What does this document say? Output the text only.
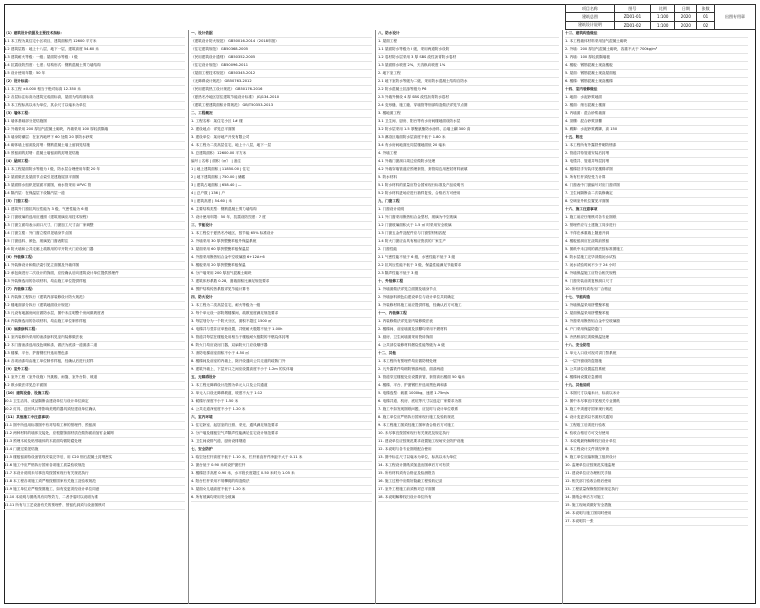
项目名称	图号	比例	日期	张数	出图专用章
建筑总图	ZD01-01	1:100	2020	01	
建筑设计说明	ZD01-02	1:100	2020	02	
（1）建筑设计依据及主要技术指标：
1.1 本工程为某住宅小区项目，建筑面积约 12600 平方米
1.2 建筑层数：地上十八层，地下一层，建筑高度 54.60 米
1.3 建筑耐火等级：一级；屋面防水等级：I 级
1.4 抗震设防烈度：七度；结构形式：钢筋混凝土剪力墙结构
1.5 设计使用年限：50 年
（2）设计标高：
2.1 本工程 ±0.000 相当于绝对标高 12.350 米
2.2 各层标注标高为建筑完成面标高，屋面为结构面标高
2.3 本工程标高以米为单位，其余尺寸以毫米为单位
（3）墙体工程：
3.1 墙体基础部分见结施图
3.2 外墙采用 200 厚加气混凝土砌块，内墙采用 100 厚轻质隔墙
3.3 墙身防潮层：在室内地坪下 60 处做 20 厚防水砂浆
3.4 砌体墙上留洞及封堵：钢筋混凝土墙上留洞见结施
3.5 预留洞的封堵：混凝土墙留洞的封堵见结施
（4）屋面工程：
4.1 本工程屋面防水等级为 I 级，防水层合理使用年限 20 年
4.2 屋面做法及屋面节点索引见建施屋顶平面图
4.3 屋面排水组织见屋面平面图，雨水管采用 UPVC 管
4.4 隔汽层：在保温层下设隔汽层一道
（5）门窗工程：
5.1 建筑外门窗抗风压性能为 3 级，气密性能为 6 级
5.2 门窗玻璃的选用应遵照《建筑玻璃应用技术规程》
5.3 门窗立面均表示洞口尺寸，门窗加工尺寸由厂家调整
5.4 门窗立樘：外门窗立樘详见墙身节点图
5.5 门窗选料、颜色、玻璃见门窗表附注
5.6 防火墙和公共走廊上疏散用的平开防火门应设闭门器
（6）外装修工程：
6.1 外装修设计和做法索引见立面图及外墙详图
6.2 承包商进行二次设计的饰面，应经确认后向建筑设计单位提供预埋件
6.3 外装修选用的各项材料，均由施工单位提供样板
（7）内装修工程：
7.1 内装修工程执行《建筑内部装修设计防火规范》
7.2 楼地面部分执行《建筑地面设计规范》
7.3 凡设有地漏房间应做防水层，图中未注明整个房间做坡度者
7.4 内装修选用的各项材料，均由施工单位制作样板
（8）油漆涂料工程：
8.1 室内装修所采用的油漆涂料见室内装修做法表
8.2 木门窗油漆选用浅色调和漆，做法为底漆一道面漆二道
8.3 楼梯、平台、护窗钢栏杆选用黑色漆
8.4 各项油漆均由施工单位制作样板，经确认后进行封样
（9）室外工程：
9.1 室外工程（室外设施）外挑檐、雨篷、室外台阶、坡道
9.2 散水做法详见总平面图
（10）建筑设备、设施工程：
10.1 卫生洁具、成品隔断由建设单位与设计单位商定
10.2 灯具、送回风口等影响美观的器具须经建设单位确认
（11）其他施工中注意事项：
11.1 图中所选用标准图中有对结构工种的预埋件、预留洞
11.2 两种材料的墙体交接处，应根据饰面材质在做饰面前加钉金属网
11.3 预埋木砖及贴邻墙体的木质面均做防腐处理
11.4 门窗过梁见结施
11.5 楼板留洞待设备管线安装完毕后，用 C20 细石混凝土封堵密实
11.6 施工中应严格执行国家各项施工质量验收规范
11.7 本设计说明未尽事宜均按国家现行有关规范执行
11.8 本工程各项施工须严格按照国家有关施工及验收规范
11.9 施工单位应严格按图施工，如有变更须经设计单位同意
11.10 本说明与图纸具有同等效力，二者矛盾时以说明为准
11.11 所有与工艺设备有关的预埋件、预留孔洞须与设备图核对
一、设计依据
《建筑设计防火规范》 GB50016-2014（2018年版）
《住宅建筑规范》 GB50368-2005
《民用建筑设计通则》 GB50352-2005
《住宅设计规范》 GB50096-2011
《屋面工程技术规范》 GB50345-2012
《无障碍设计规范》 GB50763-2012
《民用建筑热工设计规范》 GB50176-2016
《夏热冬冷地区居住建筑节能设计标准》 JGJ134-2010
《建筑工程建筑面积计算规范》 GB/T50353-2013
二、工程概况
1. 工程名称：某住宅小区 1# 楼
2. 建设地点：详见总平面图
3. 建设单位：某房地产开发有限公司
4. 本工程为二类高层住宅，地上十八层，地下一层
5. 总建筑面积：12600.00 平方米
编号 | 名称 | 面积（㎡） | 备注
1 | 地上建筑面积 | 11850.00 | 住宅
2 | 地下建筑面积 | 750.00 | 储藏
3 | 建筑占地面积 | 658.40 | —
4 | 总户数 | 136 | 户
5 | 建筑高度 | 54.60 | 米
6. 主要结构类型：钢筋混凝土剪力墙结构
7. 设计使用年限：50 年，抗震设防烈度：7 度
三、节能设计
1. 本工程位于夏热冬冷地区，按节能 65% 标准设计
2. 外墙采用 30 厚挤塑聚苯板外保温系统
3. 屋面采用 60 厚挤塑聚苯板保温层
4. 外窗采用断热铝合金中空玻璃窗 6+12A+6
5. 楼板采用 20 厚挤塑聚苯板保温
6. 分户墙采用 200 厚加气混凝土砌块
7. 建筑体形系数 0.28，窗墙面积比满足规范要求
8. 围护结构传热系数详见节能计算书
四、防火设计
1. 本工程为二类高层住宅，耐火等级为一级
2. 每个单元设一部防烟楼梯间，疏散宽度满足规范要求
3. 每层划分为一个防火分区，面积不超过 1500 ㎡
4. 电梯井与竖井应单独设置，井壁耐火极限不低于 1.00h
5. 管道井每层在楼板处用相当于楼板耐火极限的不燃烧体封堵
6. 防火门均应设闭门器，双扇防火门应设顺序器
7. 消防电梯前室面积不小于 4.50 ㎡
8. 楼梯间及前室的内墙上，除开设通向公共走道的疏散门外
9. 建筑外墙上、下层开口之间应设置高度不小于 1.2m 的实体墙
五、无障碍设计
1. 本工程无障碍设计范围为单元入口及公共通道
2. 单元入口设无障碍坡道，坡度不大于 1:12
3. 候梯厅深度不小于 1.50 米
4. 公共走道净宽度不小于 1.20 米
六、室内环境
1. 住宅卧室、起居室的日照、采光、通风满足规范要求
2. 分户墙及楼板空气声隔声性能满足住宅设计规范要求
3. 卫生间设排气道，厨房设排烟道
七、安全防护
1. 临空处栏杆高度不低于 1.10 米，栏杆垂直杆件净距不大于 0.11 米
2. 窗台低于 0.90 米时设护窗栏杆
3. 楼梯扶手高度 0.90 米，水平段长度超过 0.50 米时为 1.05 米
4. 阳台栏杆采用不易攀爬的构造做法
5. 屋面女儿墙高度不低于 1.20 米
6. 所有玻璃均采用安全玻璃
八、防水设计
1. 屋面工程
1.1 屋面防水等级为 I 级，采用两道防水设防
1.2 卷材防水层采用 3 厚 SBS 改性沥青防水卷材
1.3 屋面排水坡度 2%，天沟纵向坡度 1%
2. 地下室工程
2.1 地下室防水等级为二级，采用防水混凝土结构自防水
2.2 防水混凝土抗渗等级为 P6
2.3 外墙外侧设 4 厚 SBS 改性沥青防水卷材
2.4 变形缝、施工缝、穿墙管等细部构造做法详见节点图
3. 楼地面工程
3.1 卫生间、厨房、阳台等有水房间楼地面设防水层
3.2 防水层采用 1.5 厚聚氨酯防水涂料，沿墙上翻 300 高
3.3 淋浴区墙面防水层高度不低于 1.80 米
3.4 有水房间地面比同层楼地面低 20 毫米
4. 外墙工程
4.1 外墙门窗洞口周边应做防水处理
4.2 外墙穿墙管道应预埋套管，套管周边用密封材料嵌填
5. 防水材料
5.1 防水材料的质量应符合国家现行标准及产品说明书
5.2 防水材料进场应进行抽样复验，合格后方可使用
九、门窗工程
1. 门窗设计说明
1.1 外门窗采用断热铝合金型材，玻璃为中空玻璃
1.2 门窗玻璃面积大于 1.5 ㎡ 时采用安全玻璃
1.3 门窗五金件及配件应与门窗型材相匹配
1.4 防火门窗应由具有相应资质的厂家生产
2. 门窗性能
2.1 气密性能不低于 6 级，水密性能不低于 3 级
2.2 抗风压性能不低于 3 级，保温性能满足节能要求
2.3 隔声性能不低于 3 级
十、外装修工程
1. 外墙面做法详见立面图及墙身节点
2. 外墙涂料颜色由建设单位与设计单位共同确定
3. 外装修材料施工前应提供样板，经确认后方可施工
十一、内装修工程
1. 内装修做法详见室内装修做法表
2. 楼梯间、前室墙面及顶棚均采用不燃材料
3. 厨房、卫生间墙面采用瓷砖饰面
4. 公共部位装修材料燃烧性能等级为 A 级
十二、其他
1. 本工程所有预埋件均应做防锈处理
2. 凡外露铁件均刷防锈漆两道、面漆两道
3. 管道穿过楼板处应设置套管，套管高出楼面 50 毫米
4. 楼梯、平台、护窗钢栏杆选用黑色调和漆
5. 电梯选型：载重 1000kg，速度 1.75m/s
6. 电梯井道、机房、底坑等尺寸以选定厂家要求为准
7. 施工中如发现图纸问题，应及时与设计单位联系
8. 施工单位应严格执行国家现行施工及验收规范
9. 本工程施工图须经施工图审查合格后方可施工
10. 未尽事宜按国家现行有关规范及规定执行
11. 建设单位应按规范要求设置施工现场安全防护设施
12. 本说明与各专业图纸配合使用
13. 图中标注尺寸以毫米为单位，标高以米为单位
14. 本工程设计图纸须加盖出图章后方可有效
15. 所有材料须有合格证及检测报告
16. 施工过程中应做好隐蔽工程验收记录
17. 室外工程施工前须核对总平面图
18. 本说明解释权归设计单位所有
十三、建筑构造做法
1. 本工程墙体材料采用加气混凝土砌块
2. 外墙：200 厚加气混凝土砌块，容重不大于 700kg/m³
3. 内墙：100 厚轻质隔墙板
4. 楼板：钢筋混凝土现浇楼板
5. 屋面：钢筋混凝土现浇屋面板
6. 楼梯：钢筋混凝土现浇楼梯
十四、室内装修做法
1. 地面：水泥砂浆地面
2. 楼面：细石混凝土楼面
3. 内墙面：混合砂浆墙面
4. 顶棚：混合砂浆顶棚
5. 踢脚：水泥砂浆踢脚，高 150
十五、附注
1. 本工程所有外露铁件刷防锈漆
2. 管道井待管道安装后封堵
3. 电缆井、管道井每层封堵
4. 楼梯扶手安装详见楼梯详图
5. 所有栏杆须经受力计算
6. 门窗表中门窗编号对应门窗详图
7. 卫生间隔断由二次装修确定
8. 空调室外机位置见平面图
十六、施工注意事项
1. 施工前应仔细核对各专业图纸
2. 预埋件应与土建施工同步进行
3. 不得在承重墙上随意开洞
4. 楼板留洞应在浇筑前预留
5. 图纸中未注明的做法按标准图施工
6. 防水层施工完毕须做闭水试验
7. 闭水试验时间不少于 24 小时
8. 外墙保温施工应符合相关规程
9. 门窗安装前须复核洞口尺寸
10. 所有材料须有出厂合格证
十七、节能构造
1. 外墙保温采用挤塑聚苯板
2. 屋面保温采用挤塑聚苯板
3. 外窗采用断热铝合金中空玻璃窗
4. 户门采用保温防盗门
5. 冷热桥部位须做保温处理
十八、安全防范
1. 单元入口设可视对讲门禁系统
2. 一层外窗设防盗措施
3. 公共部位设置监控系统
4. 楼梯间设置应急照明
十九、其他说明
1. 本图尺寸以毫米计，标高以米计
2. 图中未尽事宜详见相关专业图纸
3. 施工中须遵守国家现行规范
4. 设计变更须以书面形式通知
5. 工程竣工后须进行验收
6. 验收合格后方可交付使用
7. 本说明最终解释权归设计单位
8. 本工程设计文件须经审查
9. 施工单位应编制施工组织设计
10. 监理单位应按规范实施监理
11. 建设单位应办理相关手续
12. 相关部门验收合格后使用
13. 工程质量保修按国家规定执行
14. 图纸会审后方可施工
15. 施工现场须做好安全措施
16. 本说明与施工图同时使用
17. 本说明共一张
